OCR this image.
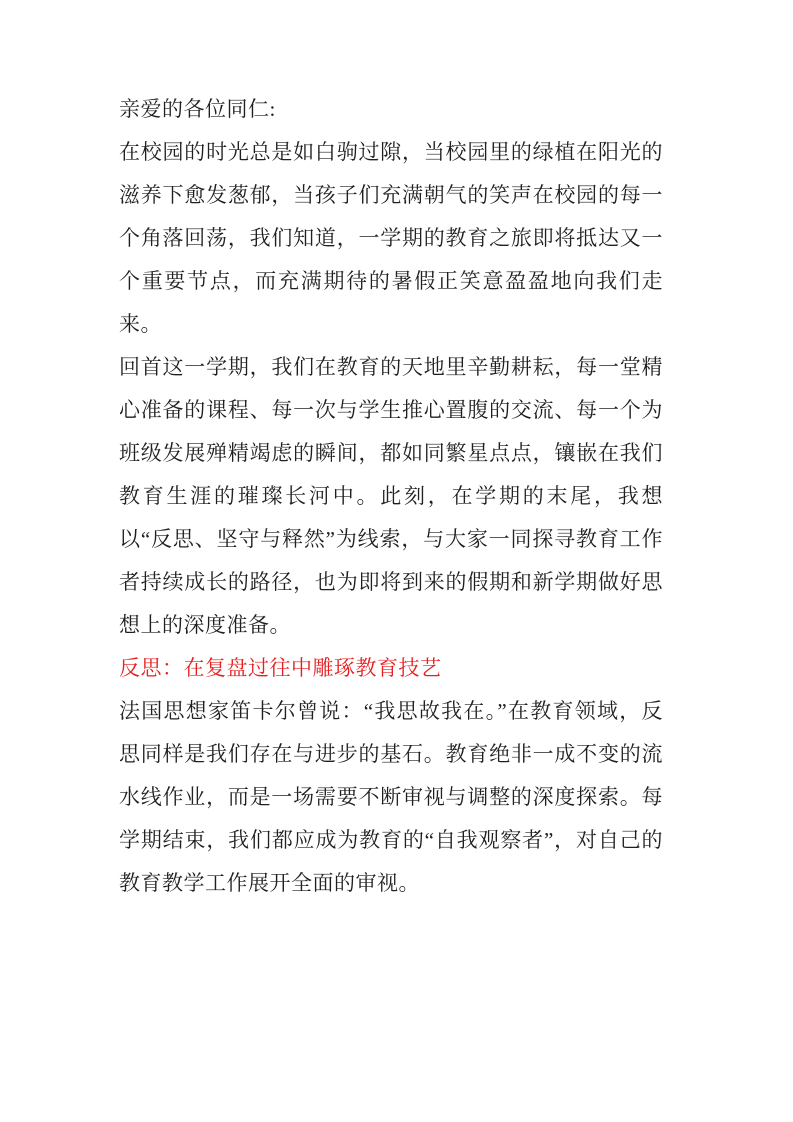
亲爱的各位同仁:

在校园的时光总是如白驹过隙，当校园里的绿植在阳光的滋养下愈发葱郁，当孩子们充满朝气的笑声在校园的每一个角落回荡，我们知道，一学期的教育之旅即将抵达又一个重要节点，而充满期待的暑假正笑意盈盈地向我们走来。

回首这一学期，我们在教育的天地里辛勤耕耘，每一堂精心准备的课程、每一次与学生推心置腹的交流、每一个为班级发展殚精竭虑的瞬间，都如同繁星点点，镶嵌在我们教育生涯的璀璨长河中。此刻，在学期的末尾，我想以“反思、坚守与释然”为线索，与大家一同探寻教育工作者持续成长的路径，也为即将到来的假期和新学期做好思想上的深度准备。

反思：在复盘过往中雕琢教育技艺

法国思想家笛卡尔曾说：“我思故我在。”在教育领域，反思同样是我们存在与进步的基石。教育绝非一成不变的流水线作业，而是一场需要不断审视与调整的深度探索。每学期结束，我们都应成为教育的“自我观察者”，对自己的教育教学工作展开全面的审视。
